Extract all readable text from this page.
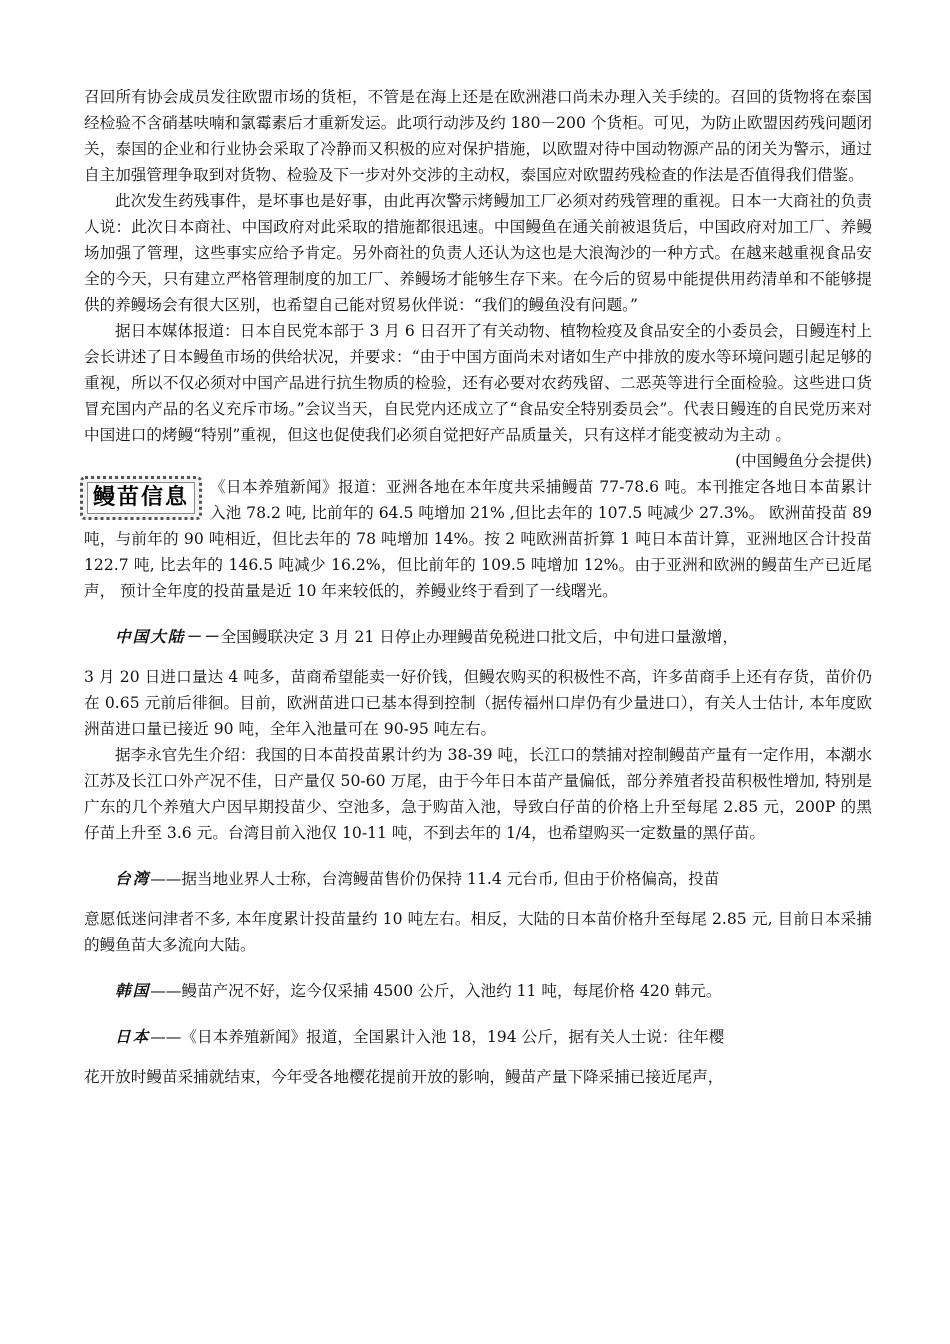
召回所有协会成员发往欧盟市场的货柜，不管是在海上还是在欧洲港口尚未办理入关手续的。召回的货物将在泰国经检验不含硝基呋喃和氯霉素后才重新发运。此项行动涉及约 180－200 个货柜。可见，为防止欧盟因药残问题闭关，泰国的企业和行业协会采取了冷静而又积极的应对保护措施，以欧盟对待中国动物源产品的闭关为警示，通过自主加强管理争取到对货物、检验及下一步对外交涉的主动权，泰国应对欧盟药残检查的作法是否值得我们借鉴。

此次发生药残事件，是坏事也是好事，由此再次警示烤鳗加工厂必须对药残管理的重视。日本一大商社的负责人说：此次日本商社、中国政府对此采取的措施都很迅速。中国鳗鱼在通关前被退货后，中国政府对加工厂、养鳗场加强了管理，这些事实应给予肯定。另外商社的负责人还认为这也是大浪淘沙的一种方式。在越来越重视食品安全的今天，只有建立严格管理制度的加工厂、养鳗场才能够生存下来。在今后的贸易中能提供用药清单和不能够提供的养鳗场会有很大区别，也希望自己能对贸易伙伴说：“我们的鳗鱼没有问题。”

据日本媒体报道：日本自民党本部于 3 月 6 日召开了有关动物、植物检疫及食品安全的小委员会，日鳗连村上会长讲述了日本鳗鱼市场的供给状况，并要求：“由于中国方面尚未对诸如生产中排放的废水等环境问题引起足够的重视，所以不仅必须对中国产品进行抗生物质的检验，还有必要对农药残留、二恶英等进行全面检验。这些进口货冒充国内产品的名义充斥市场。”会议当天，自民党内还成立了“食品安全特别委员会”。代表日鳗连的自民党历来对中国进口的烤鳗“特别”重视，但这也促使我们必须自觉把好产品质量关，只有这样才能变被动为主动 。

(中国鳗鱼分会提供)

鳗苗信息	《日本养殖新闻》报道：亚洲各地在本年度共采捕鳗苗 77-78.6 吨。本刊推定各地日本苗累计入池 78.2 吨, 比前年的 64.5 吨增加 21% ,但比去年的 107.5 吨减少 27.3%。 欧洲苗投苗 89 吨，与前年的 90 吨相近，但比去年的 78 吨增加 14%。按 2 吨欧洲苗折算 1 吨日本苗计算，亚洲地区合计投苗 122.7 吨, 比去年的 146.5 吨减少 16.2%，但比前年的 109.5 吨增加 12%。由于亚洲和欧洲的鳗苗生产已近尾声， 预计全年度的投苗量是近 10 年来较低的，养鳗业终于看到了一线曙光。

中国大陆－－全国鳗联决定 3 月 21 日停止办理鳗苗免税进口批文后，中旬进口量激增，

3 月 20 日进口量达 4 吨多，苗商希望能卖一好价钱，但鳗农购买的积极性不高，许多苗商手上还有存货，苗价仍在 0.65 元前后徘徊。目前，欧洲苗进口已基本得到控制（据传福州口岸仍有少量进口），有关人士估计, 本年度欧洲苗进口量已接近 90 吨，全年入池量可在 90-95 吨左右。

据李永官先生介绍：我国的日本苗投苗累计约为 38-39 吨，长江口的禁捕对控制鳗苗产量有一定作用，本潮水江苏及长江口外产况不佳，日产量仅 50-60 万尾，由于今年日本苗产量偏低，部分养殖者投苗积极性增加, 特别是广东的几个养殖大户因早期投苗少、空池多，急于购苗入池，导致白仔苗的价格上升至每尾 2.85 元，200P 的黑仔苗上升至 3.6 元。台湾目前入池仅 10-11 吨，不到去年的 1/4，也希望购买一定数量的黑仔苗。

台湾——据当地业界人士称，台湾鳗苗售价仍保持 11.4 元台币, 但由于价格偏高，投苗

意愿低迷问津者不多, 本年度累计投苗量约 10 吨左右。相反，大陆的日本苗价格升至每尾 2.85 元, 目前日本采捕的鳗鱼苗大多流向大陆。

韩国——鳗苗产况不好，迄今仅采捕 4500 公斤，入池约 11 吨，每尾价格 420 韩元。

日本——《日本养殖新闻》报道，全国累计入池 18，194 公斤，据有关人士说：往年樱

花开放时鳗苗采捕就结束，今年受各地樱花提前开放的影响，鳗苗产量下降采捕已接近尾声，
